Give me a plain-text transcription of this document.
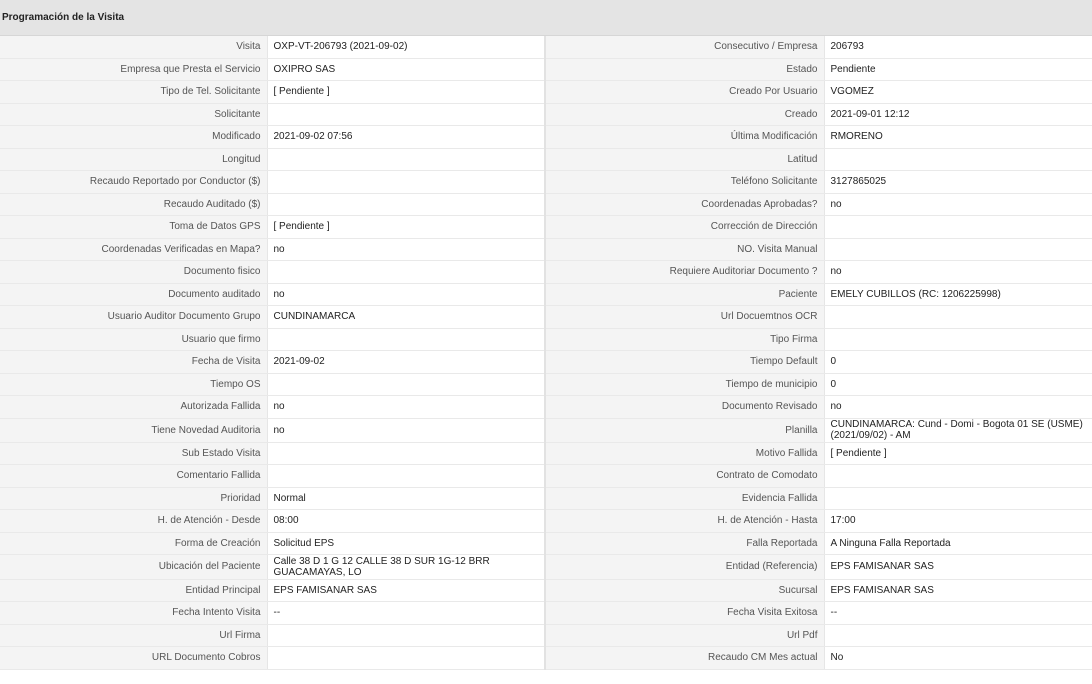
Programación de la Visita
Visita	OXP-VT-206793 (2021-09-02)	Consecutivo / Empresa	206793
Empresa que Presta el Servicio	OXIPRO SAS	Estado	Pendiente
Tipo de Tel. Solicitante	[ Pendiente ]	Creado Por Usuario	VGOMEZ
Solicitante		Creado	2021-09-01 12:12
Modificado	2021-09-02 07:56	Última Modificación	RMORENO
Longitud		Latitud	
Recaudo Reportado por Conductor ($)		Teléfono Solicitante	3127865025
Recaudo Auditado ($)		Coordenadas Aprobadas?	no
Toma de Datos GPS	[ Pendiente ]	Corrección de Dirección	
Coordenadas Verificadas en Mapa?	no	NO. Visita Manual	
Documento fisico		Requiere Auditoriar Documento ?	no
Documento auditado	no	Paciente	EMELY CUBILLOS (RC: 1206225998)
Usuario Auditor Documento Grupo	CUNDINAMARCA	Url Docuemtnos OCR	
Usuario que firmo		Tipo Firma	
Fecha de Visita	2021-09-02	Tiempo Default	0
Tiempo OS		Tiempo de municipio	0
Autorizada Fallida	no	Documento Revisado	no
Tiene Novedad Auditoria	no	Planilla	CUNDINAMARCA: Cund - Domi - Bogota 01 SE (USME) (2021/09/02) - AM
Sub Estado Visita		Motivo Fallida	[ Pendiente ]
Comentario Fallida		Contrato de Comodato	
Prioridad	Normal	Evidencia Fallida	
H. de Atención - Desde	08:00	H. de Atención - Hasta	17:00
Forma de Creación	Solicitud EPS	Falla Reportada	A Ninguna Falla Reportada
Ubicación del Paciente	Calle 38 D 1 G 12 CALLE 38 D SUR 1G-12 BRR GUACAMAYAS, LO	Entidad (Referencia)	EPS FAMISANAR SAS
Entidad Principal	EPS FAMISANAR SAS	Sucursal	EPS FAMISANAR SAS
Fecha Intento Visita	--	Fecha Visita Exitosa	--
Url Firma		Url Pdf	
URL Documento Cobros		Recaudo CM Mes actual	No
